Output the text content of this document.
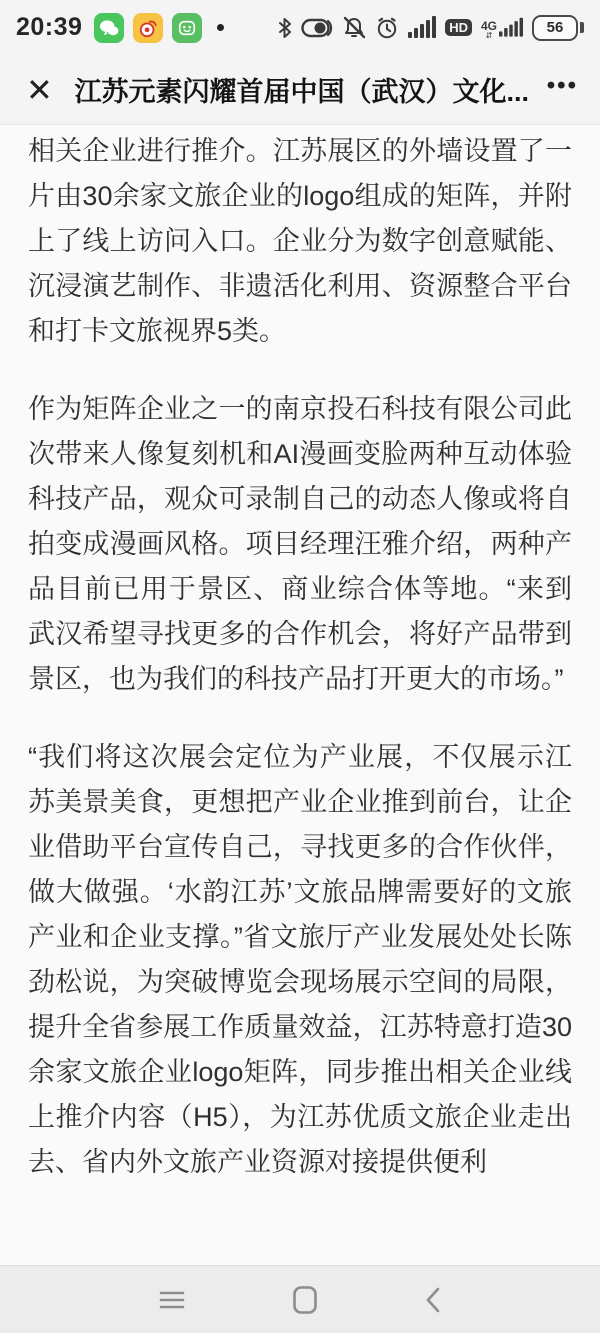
20:39	HD	4G
⇵	56
✕ 江苏元素闪耀首届中国（武汉）文化... •••

相关企业进行推介。江苏展区的外墙设置了一片由30余家文旅企业的logo组成的矩阵，并附上了线上访问入口。企业分为数字创意赋能、沉浸演艺制作、非遗活化利用、资源整合平台和打卡文旅视界5类。

作为矩阵企业之一的南京投石科技有限公司此次带来人像复刻机和AI漫画变脸两种互动体验科技产品，观众可录制自己的动态人像或将自拍变成漫画风格。项目经理汪雅介绍，两种产品目前已用于景区、商业综合体等地。“来到武汉希望寻找更多的合作机会，将好产品带到景区，也为我们的科技产品打开更大的市场。”

“我们将这次展会定位为产业展，不仅展示江苏美景美食，更想把产业企业推到前台，让企业借助平台宣传自己，寻找更多的合作伙伴，做大做强。‘水韵江苏’文旅品牌需要好的文旅产业和企业支撑。”省文旅厅产业发展处处长陈劲松说，为突破博览会现场展示空间的局限，提升全省参展工作质量效益，江苏特意打造30余家文旅企业logo矩阵，同步推出相关企业线上推介内容（H5），为江苏优质文旅企业走出去、省内外文旅产业资源对接提供便利
